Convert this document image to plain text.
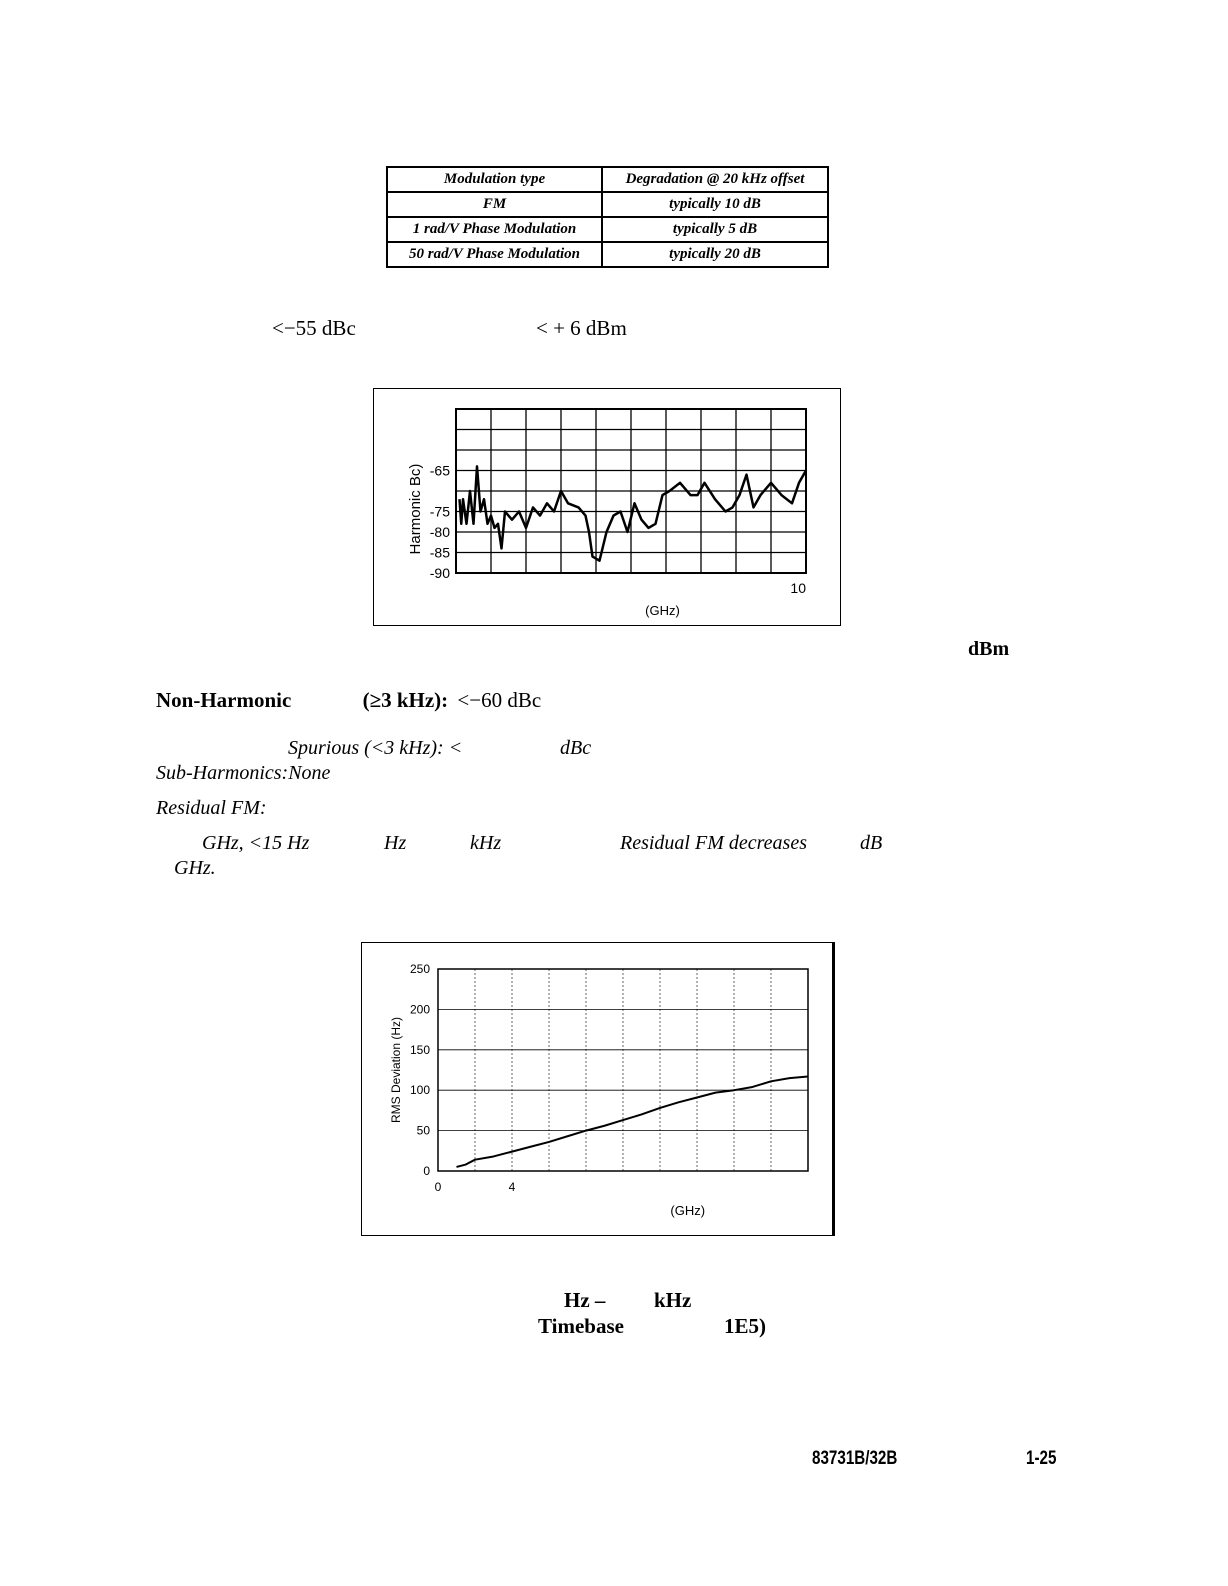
Modulation type	Degradation @ 20 kHz offset
FM	typically 10 dB
1 rad/V Phase Modulation	typically 5 dB
50 rad/V Phase Modulation	typically 20 dB
<−55 dBc	< + 6 dBm
-65
-75
-80
-85
-90
10
(GHz)
Harmonic Bc)
dBm
Non-Harmonic	(≥3 kHz): <−60 dBc
Spurious (<3 kHz): <	dBc
Sub-Harmonics:None
Residual FM:
GHz, <15 Hz	Hz	kHz	Residual FM decreases	dB
GHz.
250
200
150
100
50
0
0	4
(GHz)
RMS Deviation (Hz)
Hz – kHz
Timebase	1E5)
83731B/32B	1-25
